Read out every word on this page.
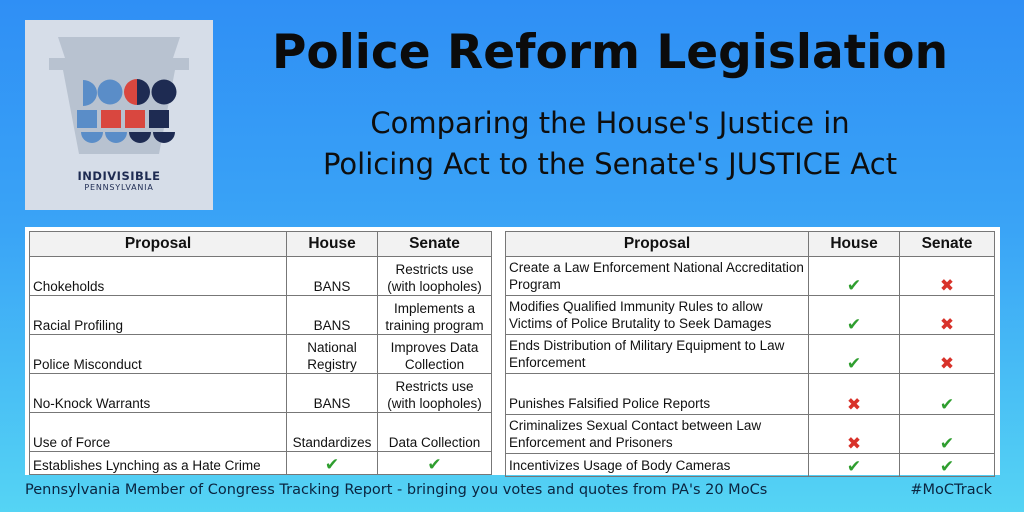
INDIVISIBLE
PENNSYLVANIA
Police Reform Legislation
Comparing the House's Justice in
Policing Act to the Senate's JUSTICE Act
Proposal	House	Senate
Chokeholds	BANS	Restricts use (with loopholes)
Racial Profiling	BANS	Implements a training program
Police Misconduct	National Registry	Improves Data Collection
No-Knock Warrants	BANS	Restricts use (with loopholes)
Use of Force	Standardizes	Data Collection
Establishes Lynching as a Hate Crime	✔	✔
Proposal	House	Senate
Create a Law Enforcement National Accreditation Program	✔	✖
Modifies Qualified Immunity Rules to allow Victims of Police Brutality to Seek Damages	✔	✖
Ends Distribution of Military Equipment to Law Enforcement	✔	✖
Punishes Falsified Police Reports	✖	✔
Criminalizes Sexual Contact between Law Enforcement and Prisoners	✖	✔
Incentivizes Usage of Body Cameras	✔	✔
Pennsylvania Member of Congress Tracking Report - bringing you votes and quotes from PA's 20 MoCs	#MoCTrack
